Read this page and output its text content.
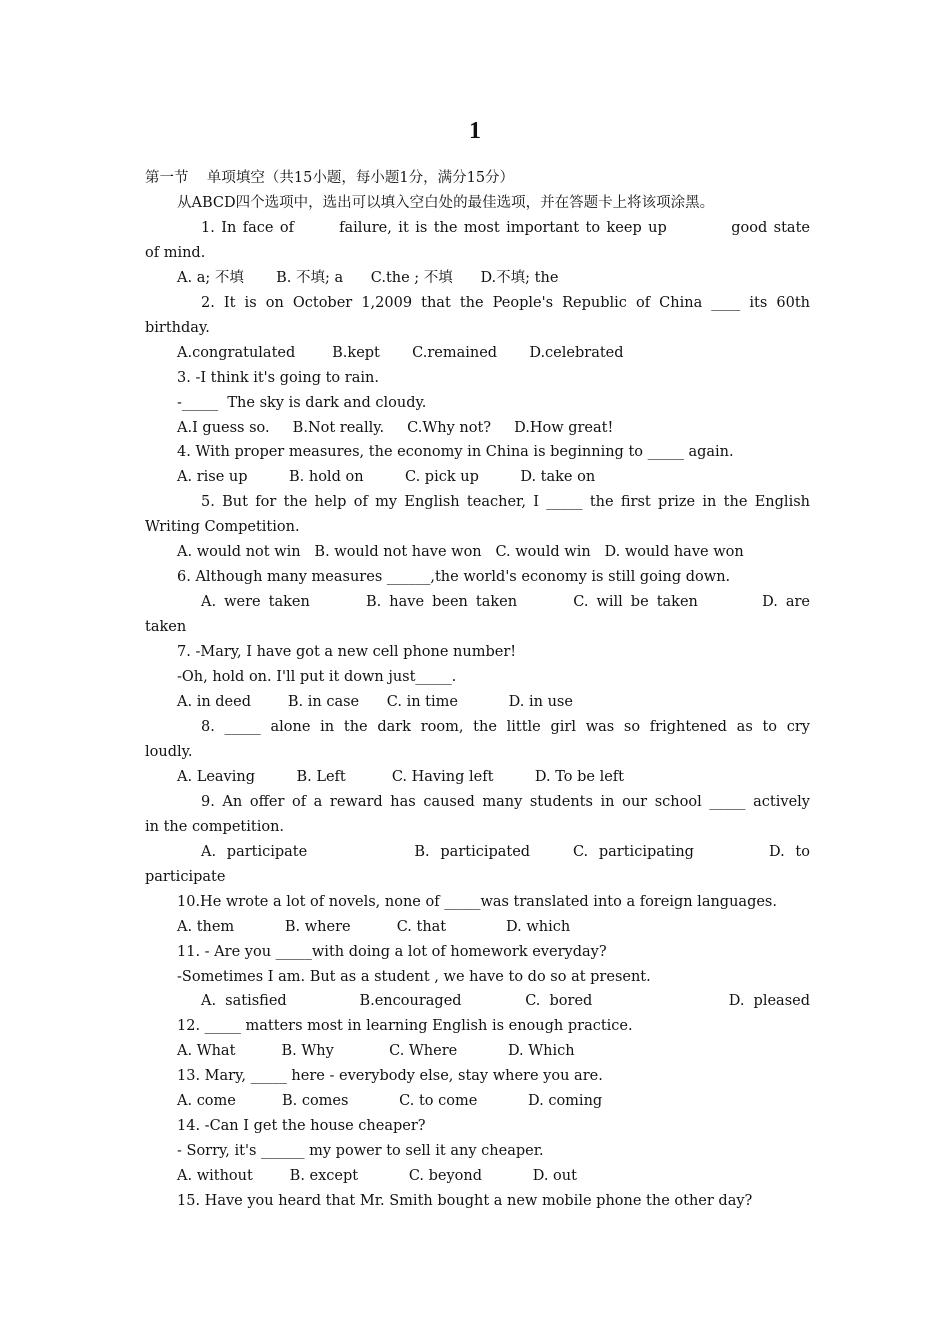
1
第一节    单项填空（共15小题，每小题1分，满分15分）
从ABCD四个选项中，选出可以填入空白处的最佳选项，并在答题卡上将该项涂黑。
1. In face of       failure, it is the most important to keep up          good state
of mind.
A. a; 不填       B. 不填; a      C.the ; 不填      D.不填; the
2. It is on October 1,2009 that the People's Republic of China ____ its 60th
birthday.
A.congratulated        B.kept       C.remained       D.celebrated
3. -I think it's going to rain.
-_____  The sky is dark and cloudy.
A.I guess so.     B.Not really.     C.Why not?     D.How great!
4. With proper measures, the economy in China is beginning to _____ again.
A. rise up         B. hold on         C. pick up         D. take on
5. But for the help of my English teacher, I _____ the first prize in the English
Writing Competition.
A. would not win   B. would not have won   C. would win   D. would have won
6. Although many measures ______,the world's economy is still going down.
A. were taken       B. have been taken       C. will be taken        D. are
taken
7. -Mary, I have got a new cell phone number!
-Oh, hold on. I'll put it down just_____.
A. in deed        B. in case      C. in time           D. in use
8. _____ alone in the dark room, the little girl was so frightened as to cry
loudly.
A. Leaving         B. Left          C. Having left         D. To be left
9. An offer of a reward has caused many students in our school _____ actively
in the competition.
A. participate          B. participated    C. participating       D. to
participate
10.He wrote a lot of novels, none of _____was translated into a foreign languages.
A. them           B. where          C. that             D. which
11. - Are you _____with doing a lot of homework everyday?
-Sometimes I am. But as a student , we have to do so at present.
A. satisfied        B.encouraged       C. bored               D. pleased
12. _____ matters most in learning English is enough practice.
A. What          B. Why            C. Where           D. Which
13. Mary, _____ here - everybody else, stay where you are.
A. come          B. comes           C. to come           D. coming
14. -Can I get the house cheaper?
- Sorry, it's ______ my power to sell it any cheaper.
A. without        B. except           C. beyond           D. out
15. Have you heard that Mr. Smith bought a new mobile phone the other day?
